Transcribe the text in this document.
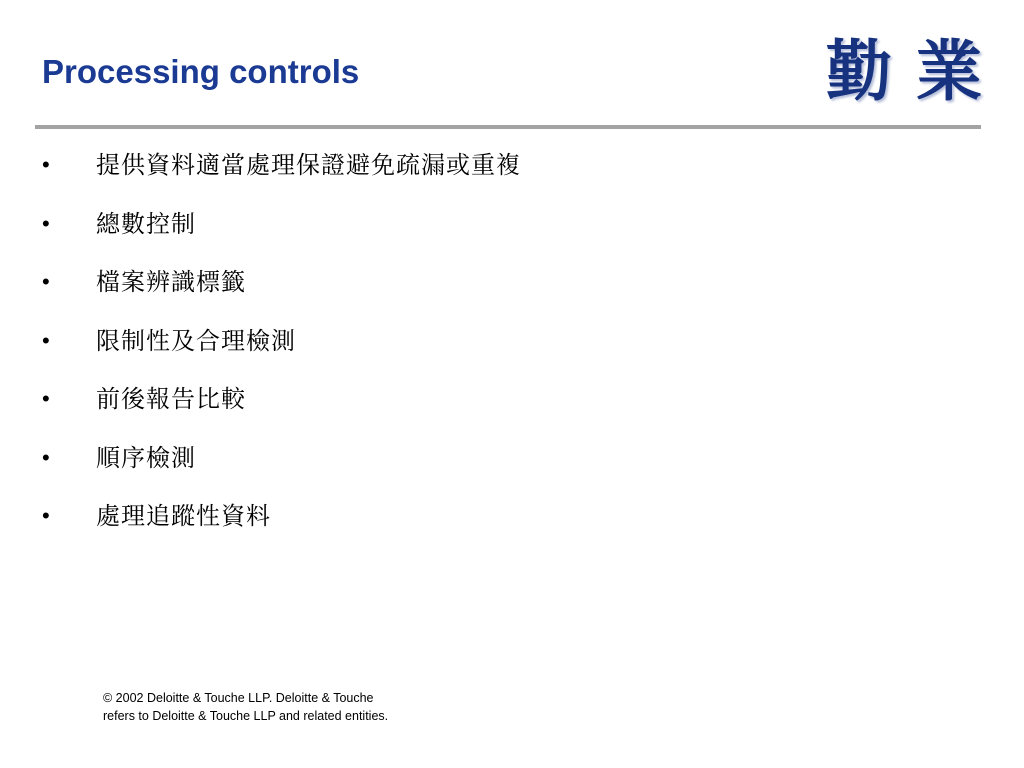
Processing controls	勤 業
•	提供資料適當處理保證避免疏漏或重複
•	總數控制
•	檔案辨識標籤
•	限制性及合理檢測
•	前後報告比較
•	順序檢測
•	處理追蹤性資料
© 2002 Deloitte & Touche LLP. Deloitte & Touche
refers to Deloitte & Touche LLP and related entities.
